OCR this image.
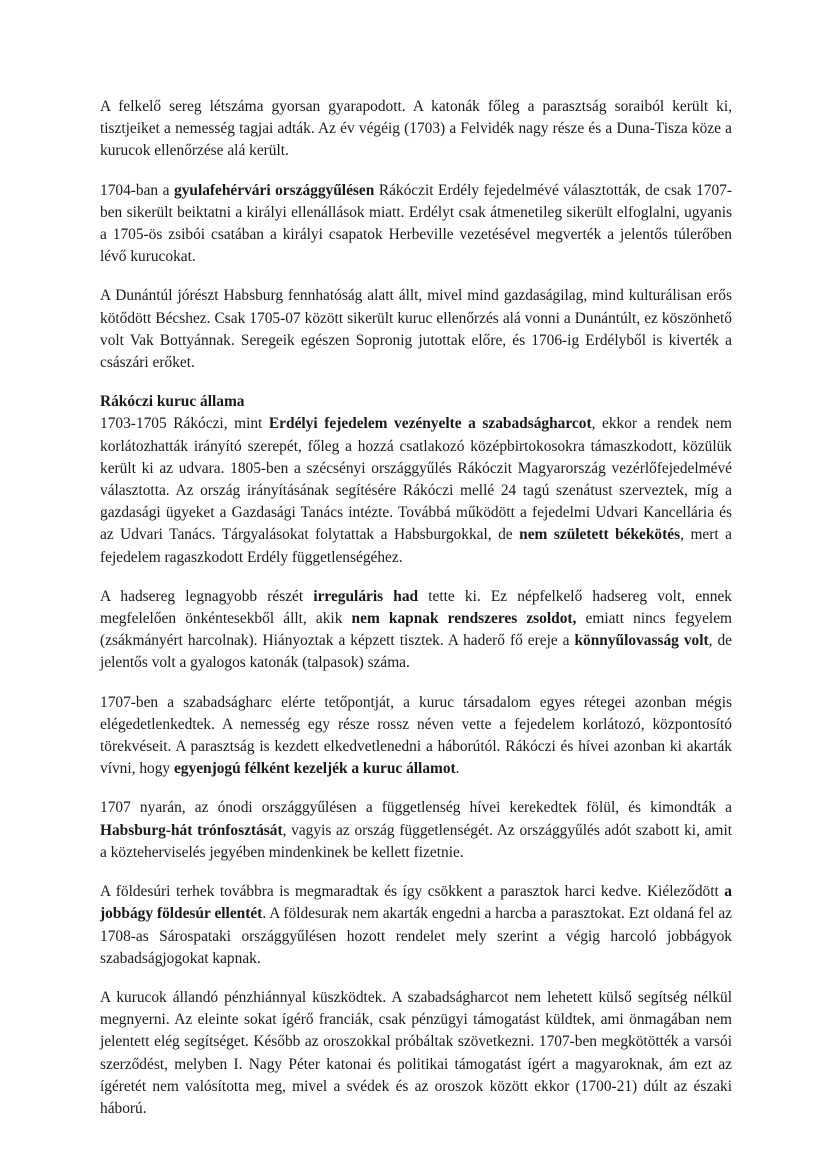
A felkelő sereg létszáma gyorsan gyarapodott. A katonák főleg a parasztság soraiból került ki, tisztjeiket a nemesség tagjai adták. Az év végéig (1703) a Felvidék nagy része és a Duna-Tisza köze a kurucok ellenőrzése alá került.

1704-ban a gyulafehérvári országgyűlésen Rákóczit Erdély fejedelmévé választották, de csak 1707-ben sikerült beiktatni a királyi ellenállások miatt. Erdélyt csak átmenetileg sikerült elfoglalni, ugyanis a 1705-ös zsibói csatában a királyi csapatok Herbeville vezetésével megverték a jelentős túlerőben lévő kurucokat.

A Dunántúl jórészt Habsburg fennhatóság alatt állt, mivel mind gazdaságilag, mind kulturálisan erős kötődött Bécshez. Csak 1705-07 között sikerült kuruc ellenőrzés alá vonni a Dunántúlt, ez köszönhető volt Vak Bottyánnak. Seregeik egészen Sopronig jutottak előre, és 1706-ig Erdélyből is kiverték a császári erőket.

Rákóczi kuruc állama

1703-1705 Rákóczi, mint Erdélyi fejedelem vezényelte a szabadságharcot, ekkor a rendek nem korlátozhatták irányító szerepét, főleg a hozzá csatlakozó középbirtokosokra támaszkodott, közülük került ki az udvara. 1805-ben a szécsényi országgyűlés Rákóczit Magyarország vezérlőfejedelmévé választotta. Az ország irányításának segítésére Rákóczi mellé 24 tagú szenátust szerveztek, míg a gazdasági ügyeket a Gazdasági Tanács intézte. Továbbá működött a fejedelmi Udvari Kancellária és az Udvari Tanács. Tárgyalásokat folytattak a Habsburgokkal, de nem született békekötés, mert a fejedelem ragaszkodott Erdély függetlenségéhez.

A hadsereg legnagyobb részét irreguláris had tette ki. Ez népfelkelő hadsereg volt, ennek megfelelően önkéntesekből állt, akik nem kapnak rendszeres zsoldot, emiatt nincs fegyelem (zsákmányért harcolnak). Hiányoztak a képzett tisztek. A haderő fő ereje a könnyűlovasság volt, de jelentős volt a gyalogos katonák (talpasok) száma.

1707-ben a szabadságharc elérte tetőpontját, a kuruc társadalom egyes rétegei azonban mégis elégedetlenkedtek. A nemesség egy része rossz néven vette a fejedelem korlátozó, központosító törekvéseit. A parasztság is kezdett elkedvetlenedni a háborútól. Rákóczi és hívei azonban ki akarták vívni, hogy egyenjogú félként kezeljék a kuruc államot.

1707 nyarán, az ónodi országgyűlésen a függetlenség hívei kerekedtek fölül, és kimondták a Habsburg-hát trónfosztását, vagyis az ország függetlenségét. Az országgyűlés adót szabott ki, amit a közteherviselés jegyében mindenkinek be kellett fizetnie.

A földesúri terhek továbbra is megmaradtak és így csökkent a parasztok harci kedve. Kiéleződött a jobbágy földesúr ellentét. A földesurak nem akarták engedni a harcba a parasztokat. Ezt oldaná fel az 1708-as Sárospataki országgyűlésen hozott rendelet mely szerint a végig harcoló jobbágyok szabadságjogokat kapnak.

A kurucok állandó pénzhiánnyal küszködtek. A szabadságharcot nem lehetett külső segítség nélkül megnyerni. Az eleinte sokat ígérő franciák, csak pénzügyi támogatást küldtek, ami önmagában nem jelentett elég segítséget. Később az oroszokkal próbáltak szövetkezni. 1707-ben megkötötték a varsói szerződést, melyben I. Nagy Péter katonai és politikai támogatást ígért a magyaroknak, ám ezt az ígéretét nem valósította meg, mivel a svédek és az oroszok között ekkor (1700-21) dúlt az északi háború.
